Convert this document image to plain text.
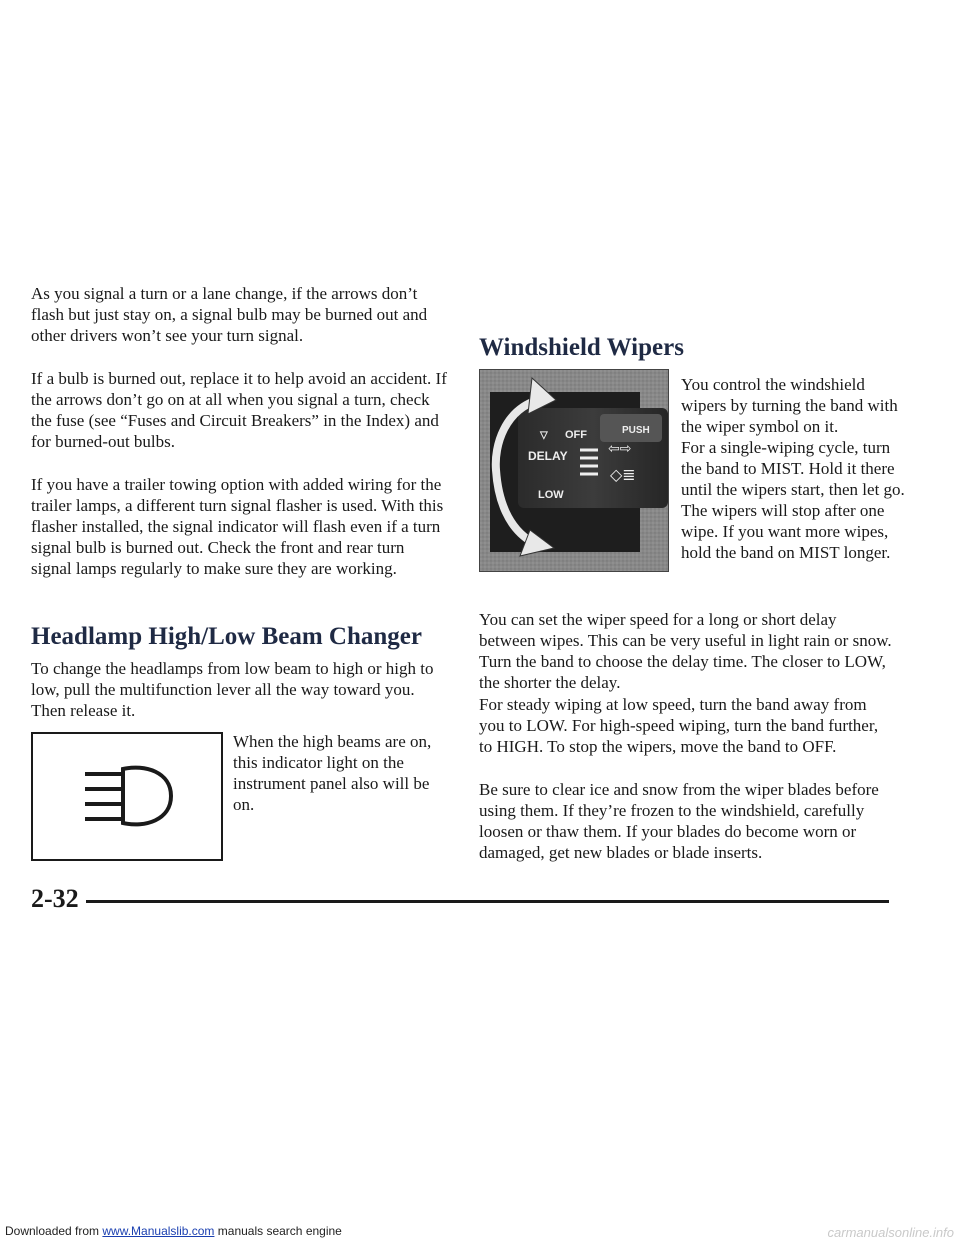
As you signal a turn or a lane change, if the arrows don’t flash but just stay on, a signal bulb may be burned out and other drivers won’t see your turn signal.

If a bulb is burned out, replace it to help avoid an accident. If the arrows don’t go on at all when you signal a turn, check the fuse (see “Fuses and Circuit Breakers” in the Index) and for burned-out bulbs.

If you have a trailer towing option with added wiring for the trailer lamps, a different turn signal flasher is used. With this flasher installed, the signal indicator will flash even if a turn signal bulb is burned out. Check the front and rear turn signal lamps regularly to make sure they are working.

Headlamp High/Low Beam Changer

To change the headlamps from low beam to high or high to low, pull the multifunction lever all the way toward you. Then release it.

When the high beams are on, this indicator light on the instrument panel also will be on.

Windshield Wipers
▽ OFF	PUSH
DELAY	⇦⇨
◇≣
LOW

You control the windshield wipers by turning the band with the wiper symbol on it.

For a single-wiping cycle, turn the band to MIST. Hold it there until the wipers start, then let go. The wipers will stop after one wipe. If you want more wipes, hold the band on MIST longer.

You can set the wiper speed for a long or short delay between wipes. This can be very useful in light rain or snow. Turn the band to choose the delay time. The closer to LOW, the shorter the delay.

For steady wiping at low speed, turn the band away from you to LOW. For high-speed wiping, turn the band further, to HIGH. To stop the wipers, move the band to OFF.

Be sure to clear ice and snow from the wiper blades before using them. If they’re frozen to the windshield, carefully loosen or thaw them. If your blades do become worn or damaged, get new blades or blade inserts.

2-32
Downloaded from www.Manualslib.com manuals search engine	carmanualsonline.info
